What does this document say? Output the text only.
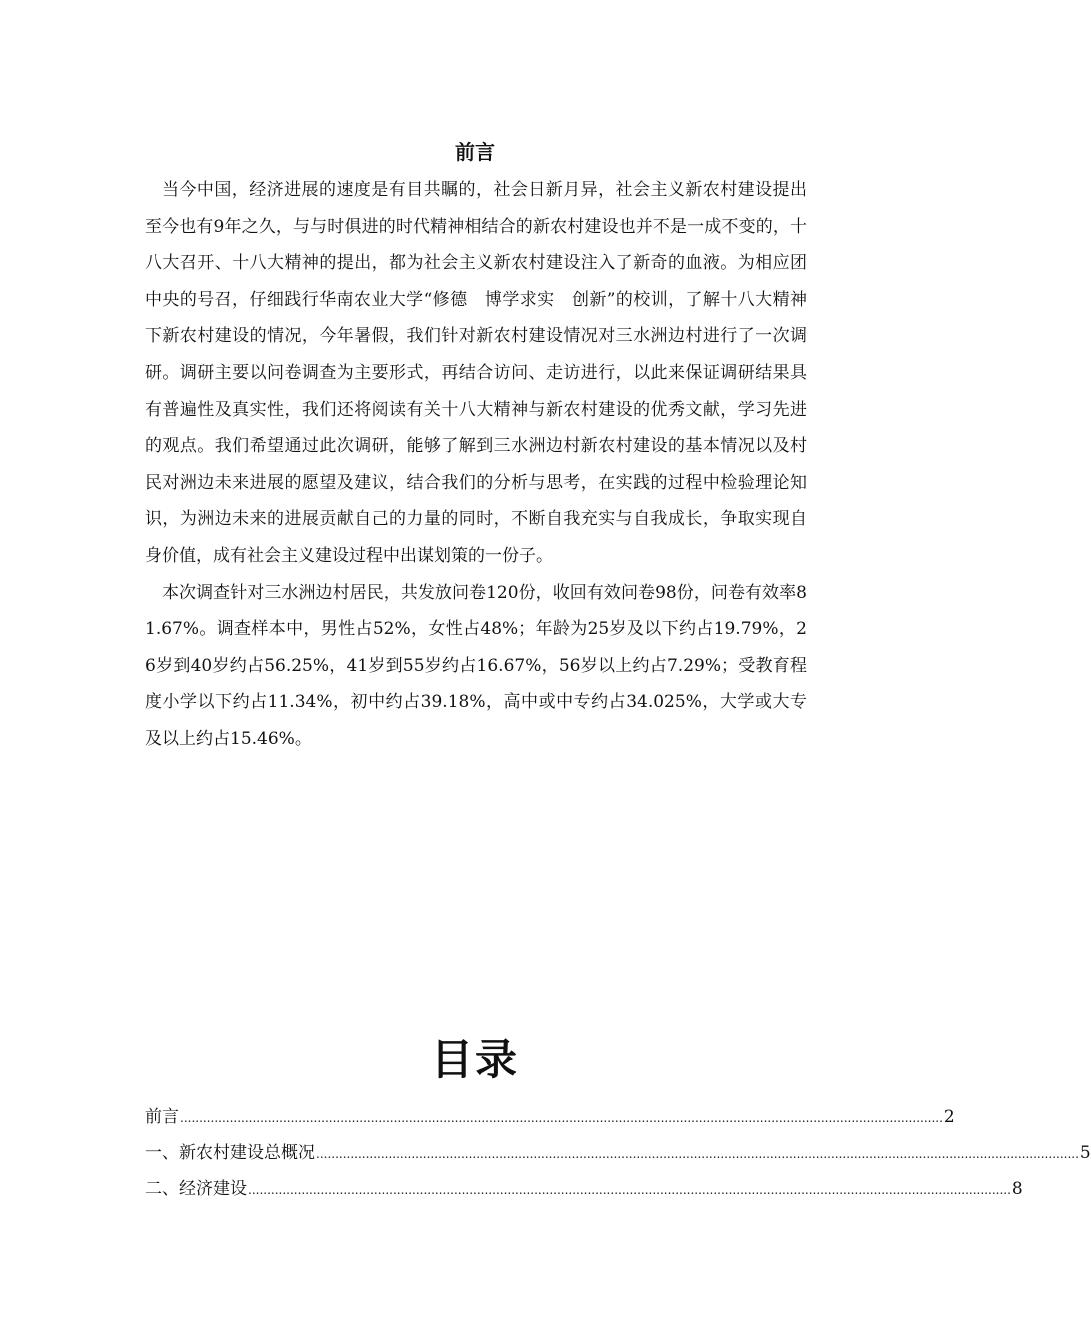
前言

当今中国，经济进展的速度是有目共瞩的，社会日新月异，社会主义新农村建设提出至今也有9年之久，与与时俱进的时代精神相结合的新农村建设也并不是一成不变的，十八大召开、十八大精神的提出，都为社会主义新农村建设注入了新奇的血液。为相应团中央的号召，仔细践行华南农业大学“修德　博学求实　创新”的校训，了解十八大精神下新农村建设的情况，今年暑假，我们针对新农村建设情况对三水洲边村进行了一次调研。调研主要以问卷调查为主要形式，再结合访问、走访进行，以此来保证调研结果具有普遍性及真实性，我们还将阅读有关十八大精神与新农村建设的优秀文献，学习先进的观点。我们希望通过此次调研，能够了解到三水洲边村新农村建设的基本情况以及村民对洲边未来进展的愿望及建议，结合我们的分析与思考，在实践的过程中检验理论知识，为洲边未来的进展贡献自己的力量的同时，不断自我充实与自我成长，争取实现自身价值，成有社会主义建设过程中出谋划策的一份子。

本次调查针对三水洲边村居民，共发放问卷120份，收回有效问卷98份，问卷有效率81.67%。调查样本中，男性占52%，女性占48%；年龄为25岁及以下约占19.79%，26岁到40岁约占56.25%，41岁到55岁约占16.67%，56岁以上约占7.29%；受教育程度小学以下约占11.34%，初中约占39.18%，高中或中专约占34.025%，大学或大专及以上约占15.46%。

目录
前言 ........................................................................................................................................................................................................ 2
一、新农村建设总概况 ........................................................................................................................................................................................................ 5
二、经济建设 ........................................................................................................................................................................................................ 8
